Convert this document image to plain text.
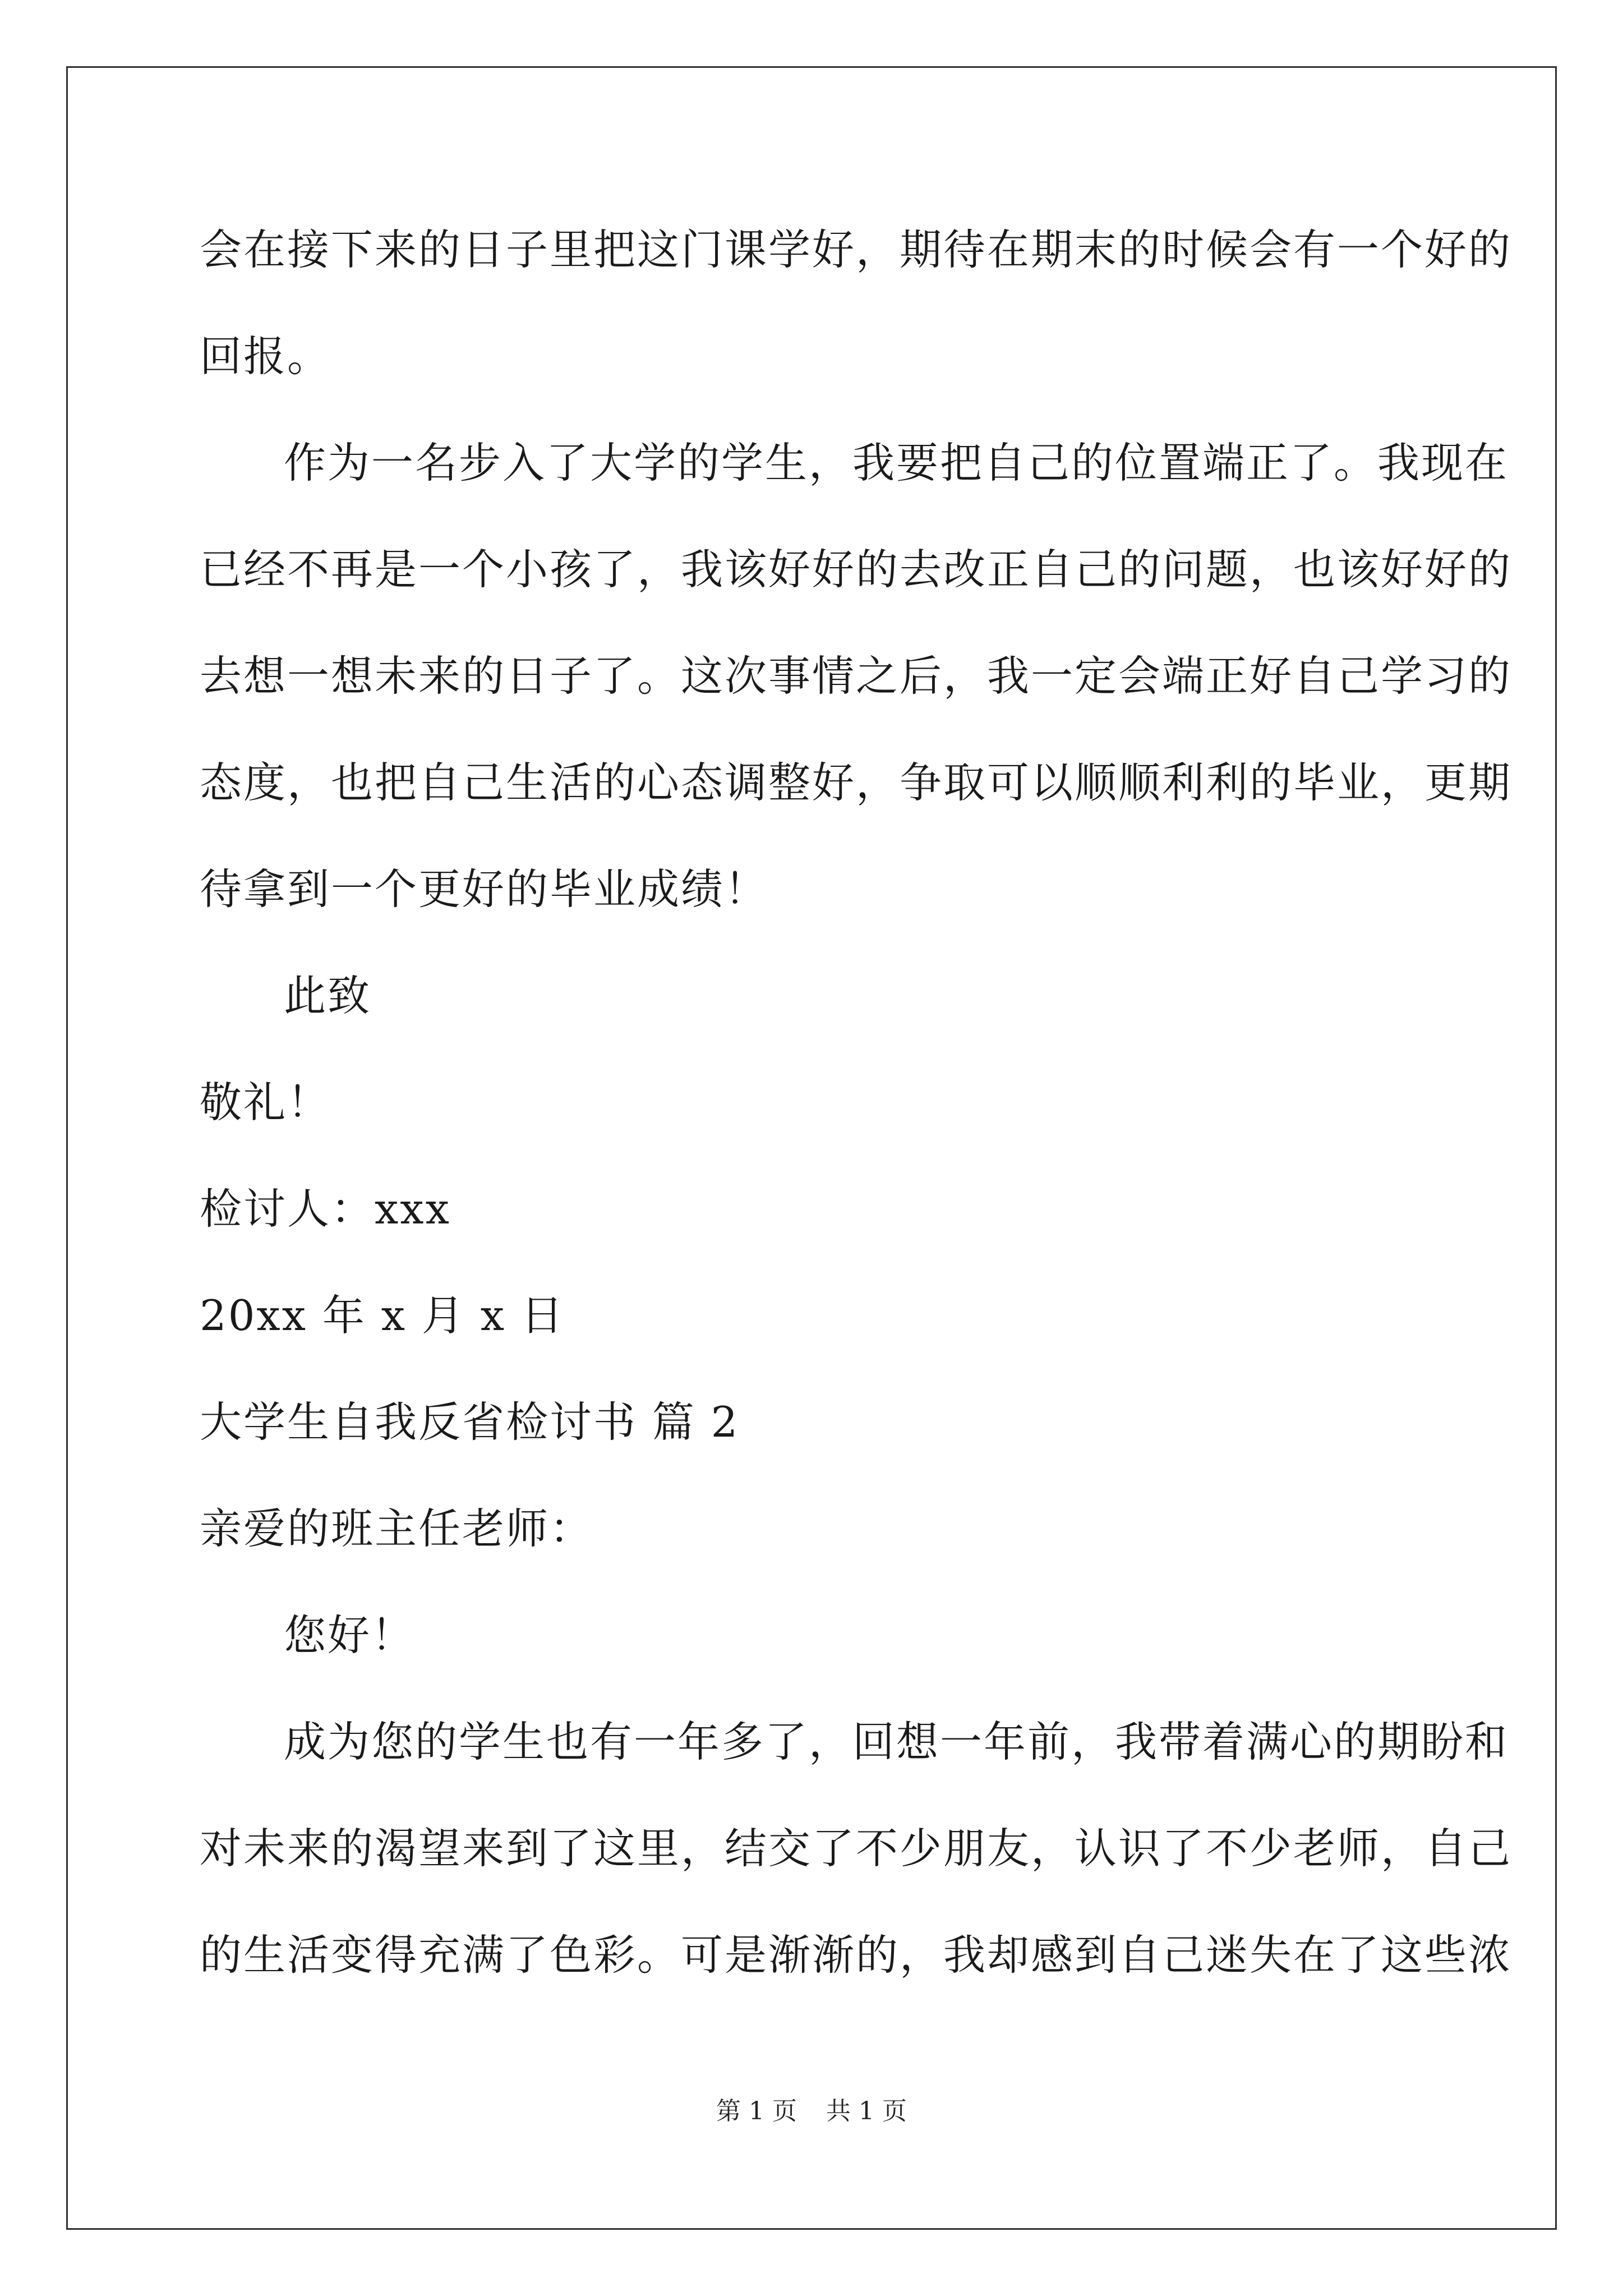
会在接下来的日子里把这门课学好，期待在期末的时候会有一个好的
回报。
作为一名步入了大学的学生，我要把自己的位置端正了。我现在
已经不再是一个小孩了，我该好好的去改正自己的问题，也该好好的
去想一想未来的日子了。这次事情之后，我一定会端正好自己学习的
态度，也把自己生活的心态调整好，争取可以顺顺利利的毕业，更期
待拿到一个更好的毕业成绩！
此致
敬礼！
检讨人：xxx
20xx 年 x 月 x 日
大学生自我反省检讨书 篇 2
亲爱的班主任老师：
您好！
成为您的学生也有一年多了，回想一年前，我带着满心的期盼和
对未来的渴望来到了这里，结交了不少朋友，认识了不少老师，自己
的生活变得充满了色彩。可是渐渐的，我却感到自己迷失在了这些浓
第 1 页 共 1 页
